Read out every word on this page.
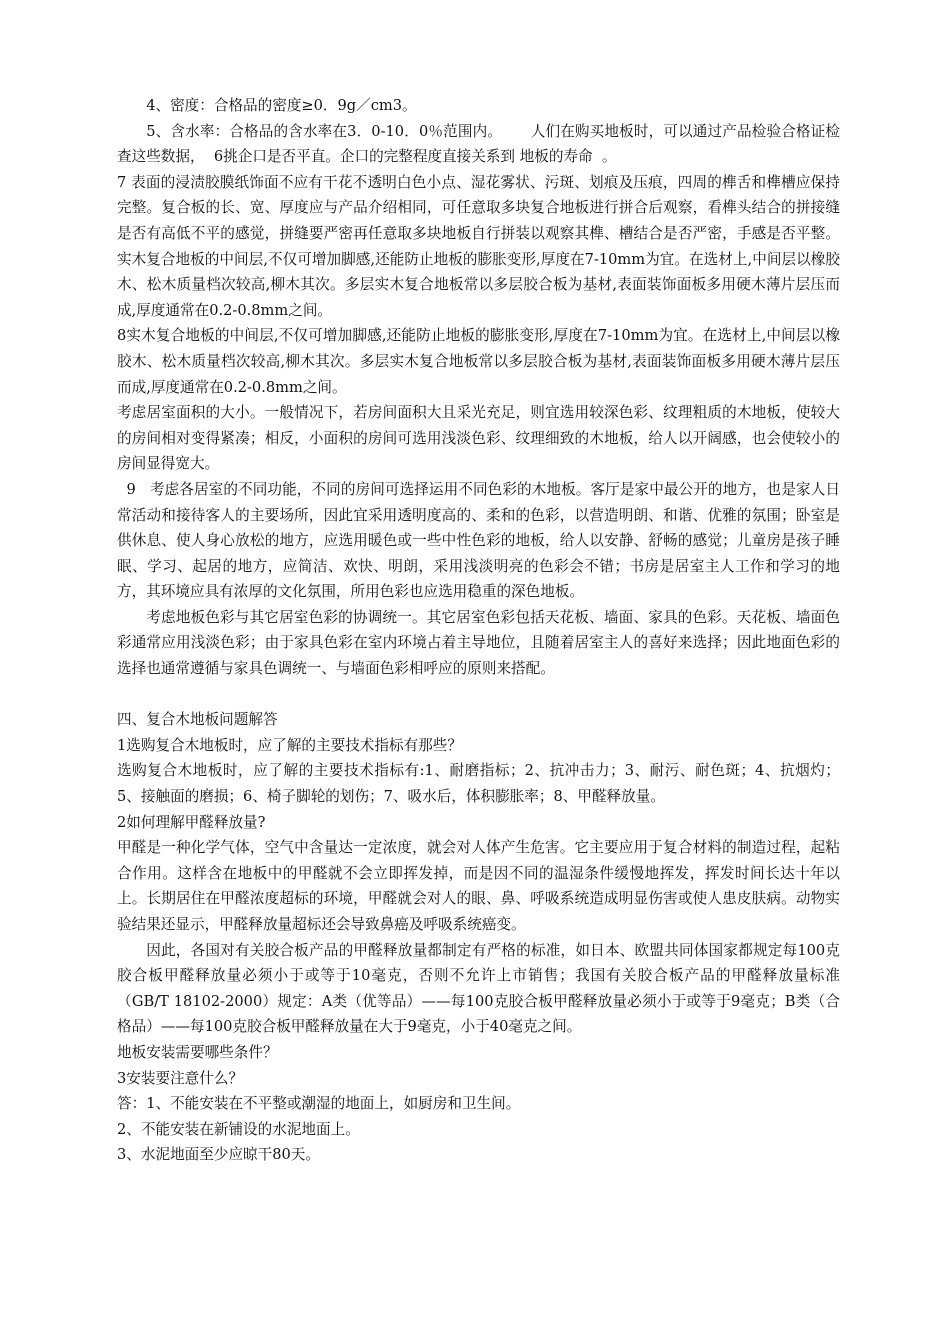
4、密度：合格品的密度≥0．9g／cm3。

5、含水率：合格品的含水率在3．0-10．0％范围内。      人们在购买地板时，可以通过产品检验合格证检查这些数据，  6挑企口是否平直。企口的完整程度直接关系到 地板的寿命  。

7 表面的浸渍胶膜纸饰面不应有干花不透明白色小点、湿花雾状、污斑、划痕及压痕，四周的榫舌和榫槽应保持完整。复合板的长、宽、厚度应与产品介绍相同，可任意取多块复合地板进行拼合后观察，看榫头结合的拼接缝是否有高低不平的感觉，拼缝要严密再任意取多块地板自行拼装以观察其榫、槽结合是否严密，手感是否平整。  实木复合地板的中间层,不仅可增加脚感,还能防止地板的膨胀变形,厚度在7-10mm为宜。在选材上,中间层以橡胶木、松木质量档次较高,柳木其次。多层实木复合地板常以多层胶合板为基材,表面装饰面板多用硬木薄片层压而成,厚度通常在0.2-0.8mm之间。

8实木复合地板的中间层,不仅可增加脚感,还能防止地板的膨胀变形,厚度在7-10mm为宜。在选材上,中间层以橡胶木、松木质量档次较高,柳木其次。多层实木复合地板常以多层胶合板为基材,表面装饰面板多用硬木薄片层压而成,厚度通常在0.2-0.8mm之间。

考虑居室面积的大小。一般情况下，若房间面积大且采光充足，则宜选用较深色彩、纹理粗质的木地板，使较大的房间相对变得紧凑；相反，小面积的房间可选用浅淡色彩、纹理细致的木地板，给人以开阔感，也会使较小的房间显得宽大。

9   考虑各居室的不同功能，不同的房间可选择运用不同色彩的木地板。客厅是家中最公开的地方，也是家人日常活动和接待客人的主要场所，因此宜采用透明度高的、柔和的色彩，以营造明朗、和谐、优雅的氛围；卧室是供休息、使人身心放松的地方，应选用暖色或一些中性色彩的地板，给人以安静、舒畅的感觉；儿童房是孩子睡眠、学习、起居的地方，应简洁、欢快、明朗，采用浅淡明亮的色彩会不错；书房是居室主人工作和学习的地方，其环境应具有浓厚的文化氛围，所用色彩也应选用稳重的深色地板。

考虑地板色彩与其它居室色彩的协调统一。其它居室色彩包括天花板、墙面、家具的色彩。天花板、墙面色彩通常应用浅淡色彩；由于家具色彩在室内环境占着主导地位，且随着居室主人的喜好来选择；因此地面色彩的选择也通常遵循与家具色调统一、与墙面色彩相呼应的原则来搭配。

四、复合木地板问题解答

1选购复合木地板时，应了解的主要技术指标有那些？

选购复合木地板时，应了解的主要技术指标有:1、耐磨指标；2、抗冲击力；3、耐污、耐色斑；4、抗烟灼；  5、接触面的磨损；6、椅子脚轮的划伤；7、吸水后，体积膨胀率；8、甲醛释放量。

2如何理解甲醛释放量?

甲醛是一种化学气体，空气中含量达一定浓度，就会对人体产生危害。它主要应用于复合材料的制造过程，起粘合作用。这样含在地板中的甲醛就不会立即挥发掉，而是因不同的温湿条件缓慢地挥发，挥发时间长达十年以上。长期居住在甲醛浓度超标的环境，甲醛就会对人的眼、鼻、呼吸系统造成明显伤害或使人患皮肤病。动物实验结果还显示，甲醛释放量超标还会导致鼻癌及呼吸系统癌变。

因此，各国对有关胶合板产品的甲醛释放量都制定有严格的标准，如日本、欧盟共同体国家都规定每100克胶合板甲醛释放量必须小于或等于10毫克，否则不允许上市销售；我国有关胶合板产品的甲醛释放量标准（GB/T 18102-2000）规定：A类（优等品）——每100克胶合板甲醛释放量必须小于或等于9毫克；B类（合格品）——每100克胶合板甲醛释放量在大于9毫克，小于40毫克之间。

地板安装需要哪些条件？

3安装要注意什么？

答：1、不能安装在不平整或潮湿的地面上，如厨房和卫生间。

2、不能安装在新铺设的水泥地面上。

3、水泥地面至少应晾干80天。
